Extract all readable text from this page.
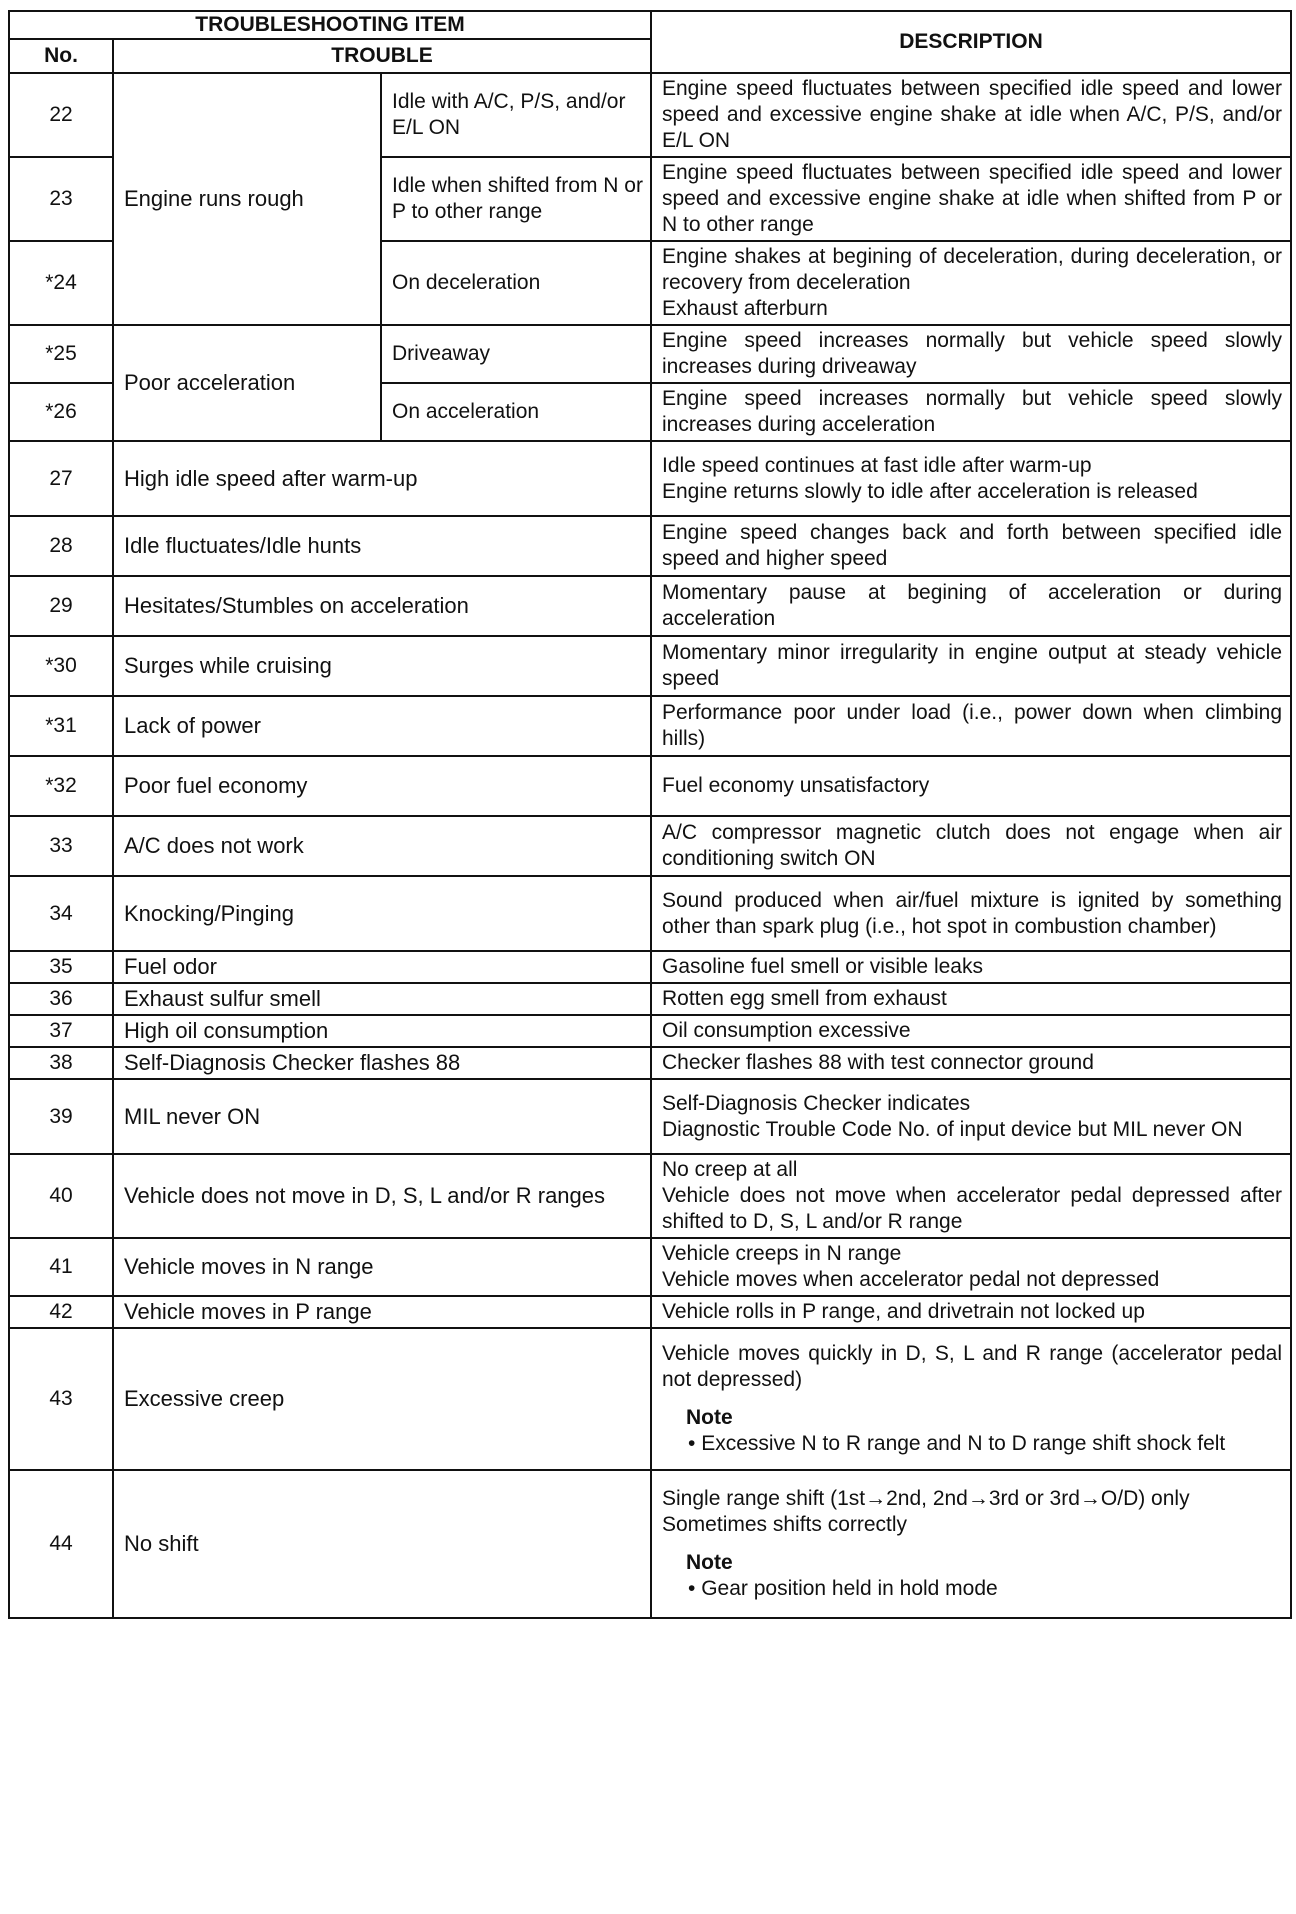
TROUBLESHOOTING ITEM			DESCRIPTION
No.	TROUBLE		
22	Engine runs rough	Idle with A/C, P/S, and/or E/L ON	Engine speed fluctuates between specified idle speed and lower speed and excessive engine shake at idle when A/C, P/S, and/or E/L ON

23		Idle when shifted from N or P to other range	Engine speed fluctuates between specified idle speed and lower speed and excessive engine shake at idle when shifted from P or N to other range

*24		On deceleration	Engine shakes at begining of deceleration, during deceleration, or recovery from deceleration
Exhaust afterburn

*25	Poor acceleration	Driveaway	Engine speed increases normally but vehicle speed slowly increases during driveaway

*26		On acceleration	Engine speed increases normally but vehicle speed slowly increases during acceleration

27	High idle speed after warm-up		Idle speed continues at fast idle after warm-up
Engine returns slowly to idle after acceleration is released

28	Idle fluctuates/Idle hunts		Engine speed changes back and forth between specified idle speed and higher speed

29	Hesitates/Stumbles on acceleration		Momentary pause at begining of acceleration or during acceleration

*30	Surges while cruising		Momentary minor irregularity in engine output at steady vehicle speed

*31	Lack of power		Performance poor under load (i.e., power down when climbing hills)

*32	Poor fuel economy		Fuel economy unsatisfactory

33	A/C does not work		A/C compressor magnetic clutch does not engage when air conditioning switch ON

34	Knocking/Pinging		Sound produced when air/fuel mixture is ignited by something other than spark plug (i.e., hot spot in combustion chamber)

35	Fuel odor		Gasoline fuel smell or visible leaks

36	Exhaust sulfur smell		Rotten egg smell from exhaust

37	High oil consumption		Oil consumption excessive

38	Self-Diagnosis Checker flashes 88		Checker flashes 88 with test connector ground

39	MIL never ON		Self-Diagnosis Checker indicates
Diagnostic Trouble Code No. of input device but MIL never ON

40	Vehicle does not move in D, S, L and/or R ranges		No creep at all
Vehicle does not move when accelerator pedal depressed after shifted to D, S, L and/or R range

41	Vehicle moves in N range		Vehicle creeps in N range
Vehicle moves when accelerator pedal not depressed

42	Vehicle moves in P range		Vehicle rolls in P range, and drivetrain not locked up

43	Excessive creep		Vehicle moves quickly in D, S, L and R range (accelerator pedal not depressed)
Note
• Excessive N to R range and N to D range shift shock felt

44	No shift		Single range shift (1st→2nd, 2nd→3rd or 3rd→O/D) only
Sometimes shifts correctly
Note
• Gear position held in hold mode
